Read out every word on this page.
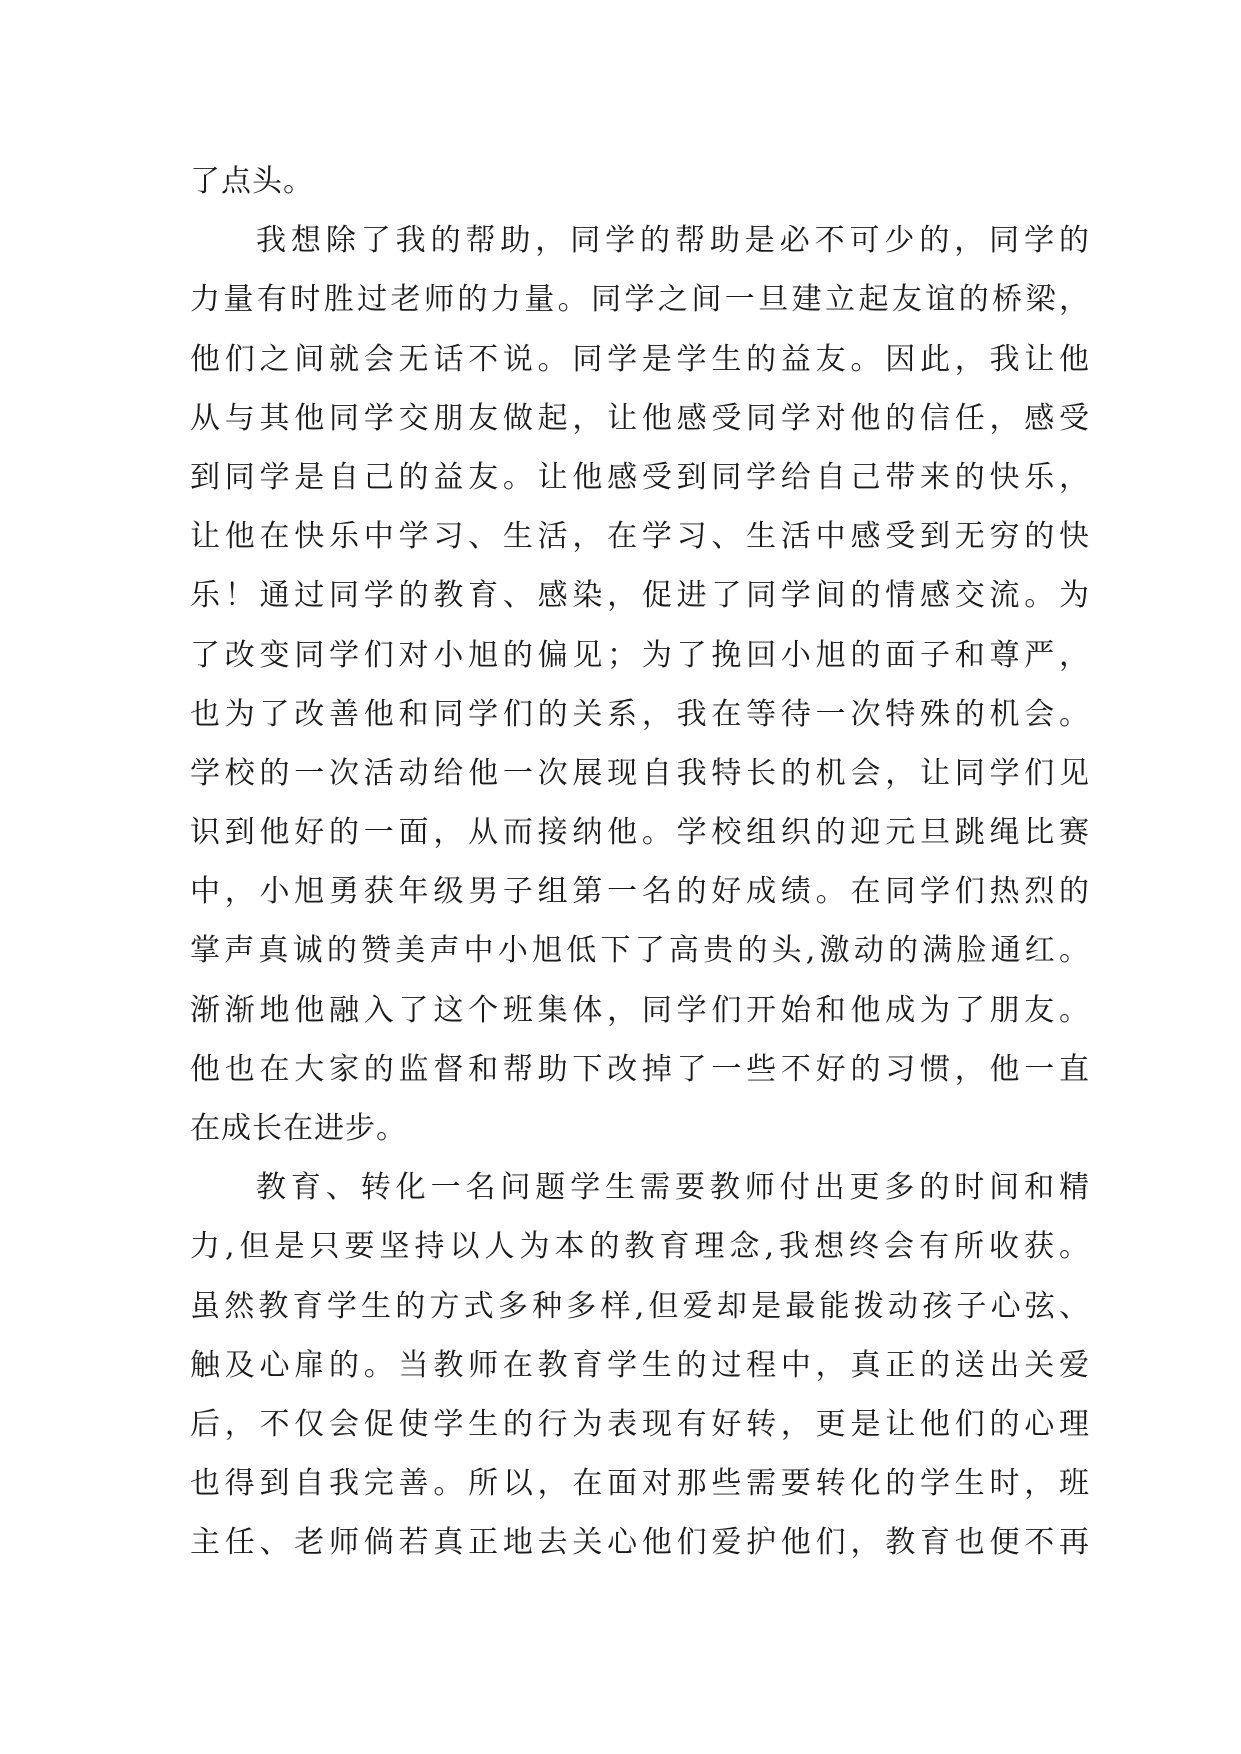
了点头。
我想除了我的帮助，同学的帮助是必不可少的，同学的
力量有时胜过老师的力量。同学之间一旦建立起友谊的桥梁，
他们之间就会无话不说。同学是学生的益友。因此，我让他
从与其他同学交朋友做起，让他感受同学对他的信任，感受
到同学是自己的益友。让他感受到同学给自己带来的快乐，
让他在快乐中学习、生活，在学习、生活中感受到无穷的快
乐！通过同学的教育、感染，促进了同学间的情感交流。为
了改变同学们对小旭的偏见；为了挽回小旭的面子和尊严，
也为了改善他和同学们的关系，我在等待一次特殊的机会。
学校的一次活动给他一次展现自我特长的机会，让同学们见
识到他好的一面，从而接纳他。学校组织的迎元旦跳绳比赛
中，小旭勇获年级男子组第一名的好成绩。在同学们热烈的
掌声真诚的赞美声中小旭低下了高贵的头,激动的满脸通红。
渐渐地他融入了这个班集体，同学们开始和他成为了朋友。
他也在大家的监督和帮助下改掉了一些不好的习惯，他一直
在成长在进步。
教育、转化一名问题学生需要教师付出更多的时间和精
力,但是只要坚持以人为本的教育理念,我想终会有所收获。
虽然教育学生的方式多种多样,但爱却是最能拨动孩子心弦、
触及心扉的。当教师在教育学生的过程中，真正的送出关爱
后，不仅会促使学生的行为表现有好转，更是让他们的心理
也得到自我完善。所以，在面对那些需要转化的学生时，班
主任、老师倘若真正地去关心他们爱护他们，教育也便不再
